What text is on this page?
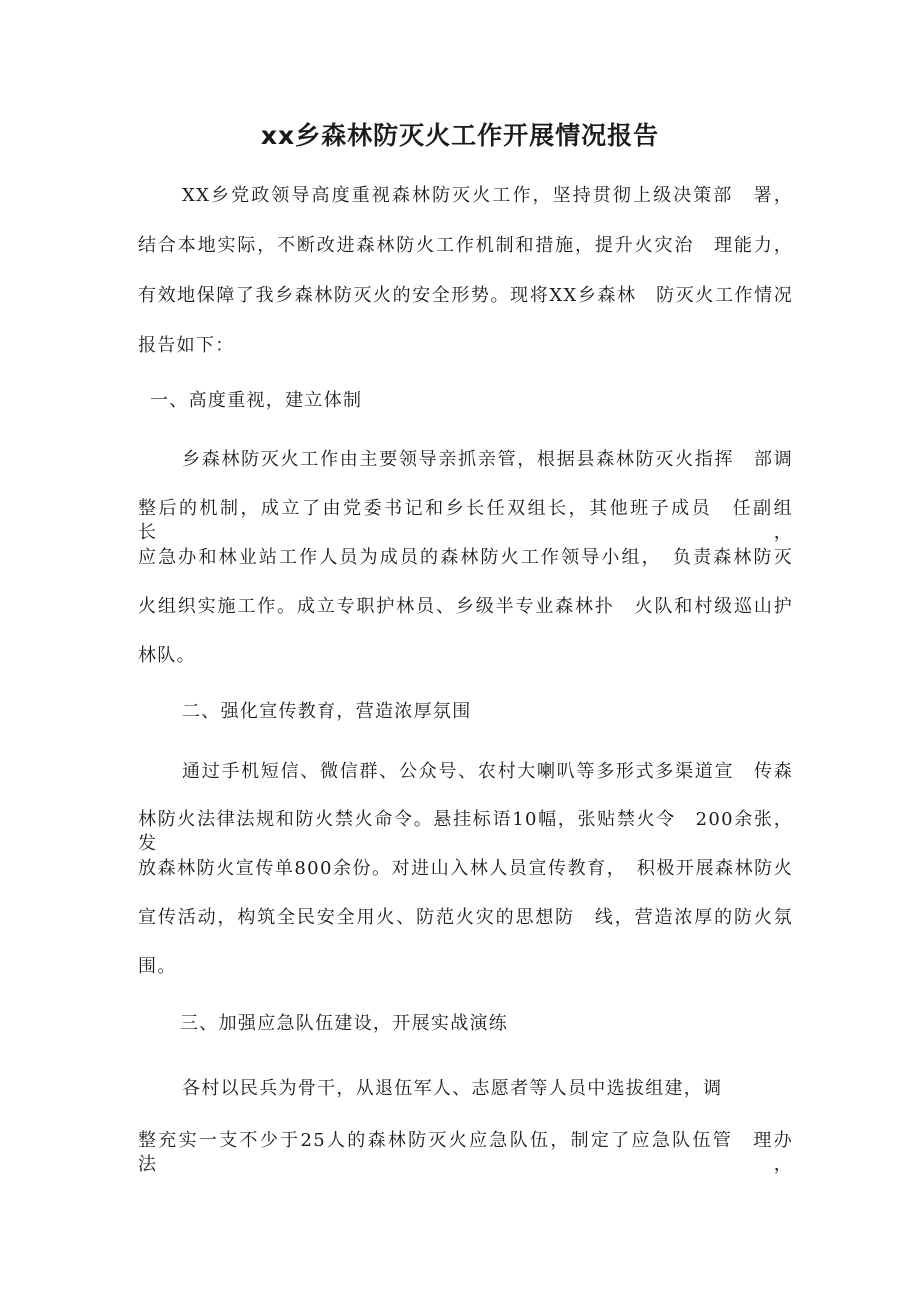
xx乡森林防灭火工作开展情况报告

XX乡党政领导高度重视森林防灭火工作，坚持贯彻上级决策部　署，

结合本地实际，不断改进森林防火工作机制和措施，提升火灾治　理能力，

有效地保障了我乡森林防灭火的安全形势。现将XX乡森林　防灭火工作情况

报告如下：

一、高度重视，建立体制

乡森林防灭火工作由主要领导亲抓亲管，根据县森林防灭火指挥　部调

整后的机制，成立了由党委书记和乡长任双组长，其他班子成员　任副组长，

应急办和林业站工作人员为成员的森林防火工作领导小组，　负责森林防灭

火组织实施工作。成立专职护林员、乡级半专业森林扑　火队和村级巡山护

林队。

二、强化宣传教育，营造浓厚氛围

通过手机短信、微信群、公众号、农村大喇叭等多形式多渠道宣　传森

林防火法律法规和防火禁火命令。悬挂标语10幅，张贴禁火令　200余张，发

放森林防火宣传单800余份。对进山入林人员宣传教育，　积极开展森林防火

宣传活动，构筑全民安全用火、防范火灾的思想防　线，营造浓厚的防火氛

围。

三、加强应急队伍建设，开展实战演练

各村以民兵为骨干，从退伍军人、志愿者等人员中选拔组建，调

整充实一支不少于25人的森林防灭火应急队伍，制定了应急队伍管　理办法，
